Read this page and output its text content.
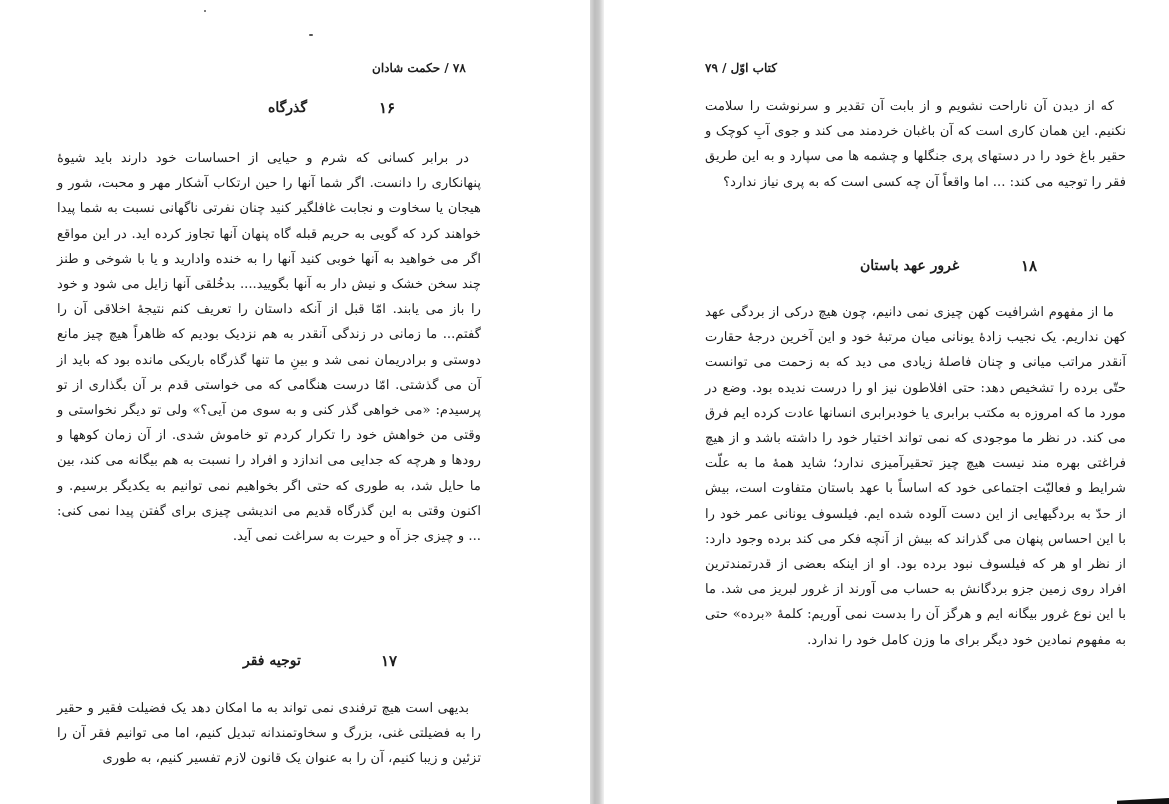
۷۸ / حکمت شادان
۱۶
گذرگاه

در برابر کسانی که شرم و حیایی از احساسات خود دارند باید شیوهٔ پنهانکاری را دانست. اگر شما آنها را حین ارتکاب آشکار مهر و محبت، شور و هیجان یا سخاوت و نجابت غافلگیر کنید چنان نفرتی ناگهانی نسبت به شما پیدا خواهند کرد که گویی به حریم قبله گاه پنهان آنها تجاوز کرده اید. در این مواقع اگر می خواهید به آنها خوبی کنید آنها را به خنده وادارید و یا با شوخی و طنز چند سخن خشک و نیش دار به آنها بگویید.... بدخُلقی آنها زایل می شود و خود را باز می یابند. امّا قبل از آنکه داستان را تعریف کنم نتیجهٔ اخلاقی آن را گفتم... ما زمانی در زندگی آنقدر به هم نزدیک بودیم که ظاهراً هیچ چیز مانع دوستی و برادریمان نمی شد و بینِ ما تنها گذرگاه باریکی مانده بود که باید از آن می گذشتی. امّا درست هنگامی که می خواستی قدم بر آن بگذاری از تو پرسیدم: «می خواهی گذر کنی و به سوی من آیی؟» ولی تو دیگر نخواستی و وقتی من خواهش خود را تکرار کردم تو خاموش شدی. از آن زمان کوهها و رودها و هرچه که جدایی می اندازد و افراد را نسبت به هم بیگانه می کند، بین ما حایل شد، به طوری که حتی اگر بخواهیم نمی توانیم به یکدیگر برسیم. و اکنون وقتی به این گذرگاه قدیم می اندیشی چیزی برای گفتن پیدا نمی کنی: ... و چیزی جز آه و حیرت به سراغت نمی آید.

۱۷
توجیه فقر

بدیهی است هیچ ترفندی نمی تواند به ما امکان دهد یک فضیلت فقیر و حقیر را به فضیلتی غنی، بزرگ و سخاوتمندانه تبدیل کنیم، اما می توانیم فقر آن را تزئین و زیبا کنیم، آن را به عنوان یک قانون لازم تفسیر کنیم، به طوری

کتاب اوّل / ۷۹

که از دیدن آن ناراحت نشویم و از بابت آن تقدیر و سرنوشت را سلامت نکنیم. این همان کاری است که آن باغبان خردمند می کند و جوی آبِ کوچک و حقیر باغ خود را در دستهای پری جنگلها و چشمه ها می سپارد و به این طریق فقر را توجیه می کند: ... اما واقعاً آن چه کسی است که به پری نیاز ندارد؟

۱۸
غرور عهد باستان

ما از مفهوم اشرافیت کهن چیزی نمی دانیم، چون هیچ درکی از بردگی عهد کهن نداریم. یک نجیب زادهٔ یونانی میان مرتبهٔ خود و این آخرین درجهٔ حقارت آنقدر مراتب میانی و چنان فاصلهٔ زیادی می دید که به زحمت می توانست حتّی برده را تشخیص دهد: حتی افلاطون نیز او را درست ندیده بود. وضع در مورد ما که امروزه به مکتب برابری یا خودبرابری انسانها عادت کرده ایم فرق می کند. در نظر ما موجودی که نمی تواند اختیار خود را داشته باشد و از هیچ فراغتی بهره مند نیست هیچ چیز تحقیرآمیزی ندارد؛ شاید همهٔ ما به علّت شرایط و فعالیّت اجتماعی خود که اساساً با عهد باستان متفاوت است، بیش از حدّ به بردگیهایی از این دست آلوده شده ایم. فیلسوف یونانی عمر خود را با این احساس پنهان می گذراند که بیش از آنچه فکر می کند برده وجود دارد: از نظر او هر که فیلسوف نبود برده بود. او از اینکه بعضی از قدرتمندترین افراد روی زمین جزو بردگانش به حساب می آورند از غرور لبریز می شد. ما با این نوع غرور بیگانه ایم و هرگز آن را بدست نمی آوریم: کلمهٔ «برده» حتی به مفهوم نمادین خود دیگر برای ما وزن کامل خود را ندارد.
